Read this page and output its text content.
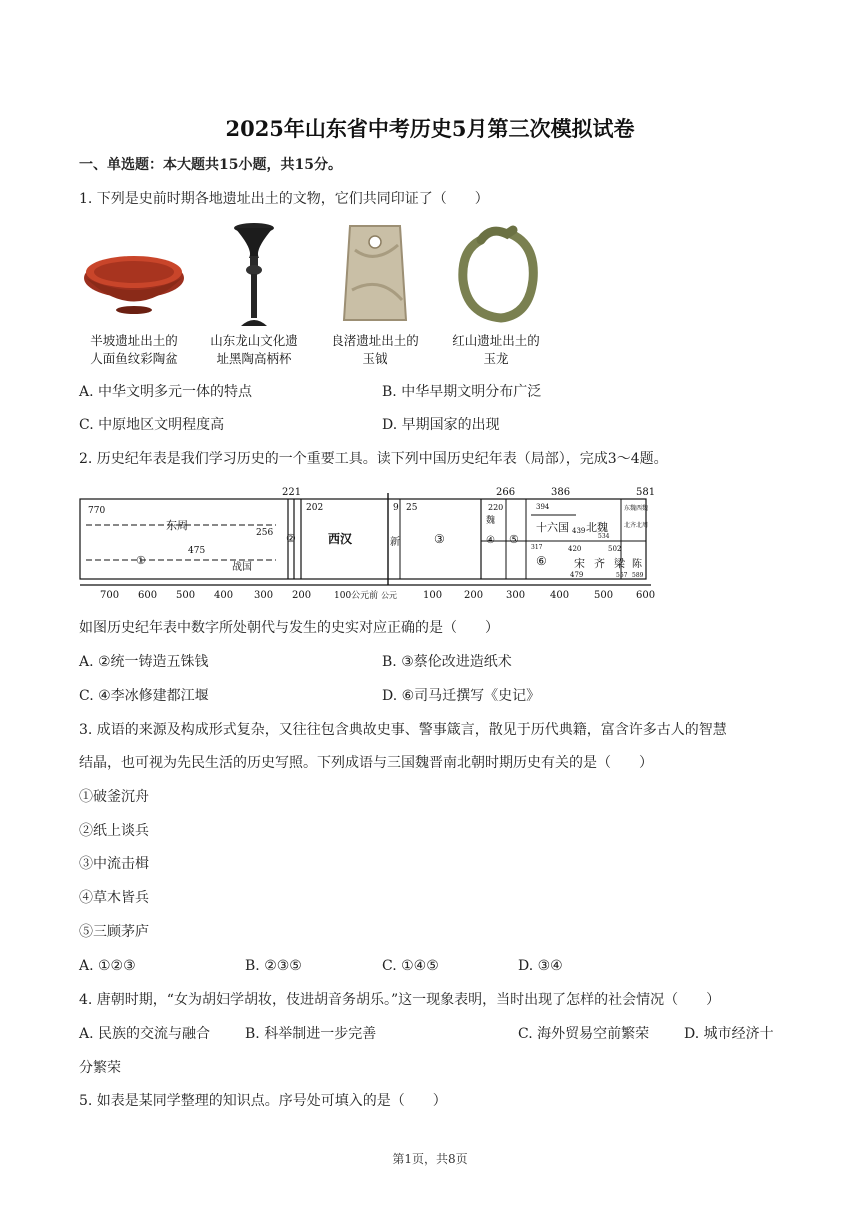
2025年山东省中考历史5月第三次模拟试卷
一、单选题：本大题共15小题，共15分。
1. 下列是史前时期各地遗址出土的文物，它们共同印证了（　　）
半坡遗址出土的
人面鱼纹彩陶盆
山东龙山文化遗
址黑陶高柄杯
良渚遗址出土的
玉钺
红山遗址出土的
玉龙
A. 中华文明多元一体的特点	B. 中华早期文明分布广泛
C. 中原地区文明程度高	D. 早期国家的出现
2. 历史纪年表是我们学习历史的一个重要工具。读下列中国历史纪年表（局部），完成3～4题。
770
221
202	9 25	220
266	386
394
439
581
东周
475
256
①
战国
②	西汉	新	③
魏
④ ⑤
十六国 北魏
534
东魏西魏
北齐北周
⑥ 宋 齐 梁 陈
420
479
502
557 589
317
700 600 500 400 300 200	100公元前 公元	100 200 300 400 500 600
如图历史纪年表中数字所处朝代与发生的史实对应正确的是（　　）
A. ②统一铸造五铢钱	B. ③蔡伦改进造纸术
C. ④李冰修建都江堰	D. ⑥司马迁撰写《史记》
3. 成语的来源及构成形式复杂，又往往包含典故史事、警事箴言，散见于历代典籍，富含许多古人的智慧
结晶，也可视为先民生活的历史写照。下列成语与三国魏晋南北朝时期历史有关的是（　　）
①破釜沉舟
②纸上谈兵
③中流击楫
④草木皆兵
⑤三顾茅庐
A. ①②③	B. ②③⑤	C. ①④⑤	D. ③④
4. 唐朝时期，“女为胡妇学胡妆，伎进胡音务胡乐。”这一现象表明，当时出现了怎样的社会情况（　　）
A. 民族的交流与融合 B. 科举制进一步完善	C. 海外贸易空前繁荣 D. 城市经济十
分繁荣
5. 如表是某同学整理的知识点。序号处可填入的是（　　）
第1页，共8页
